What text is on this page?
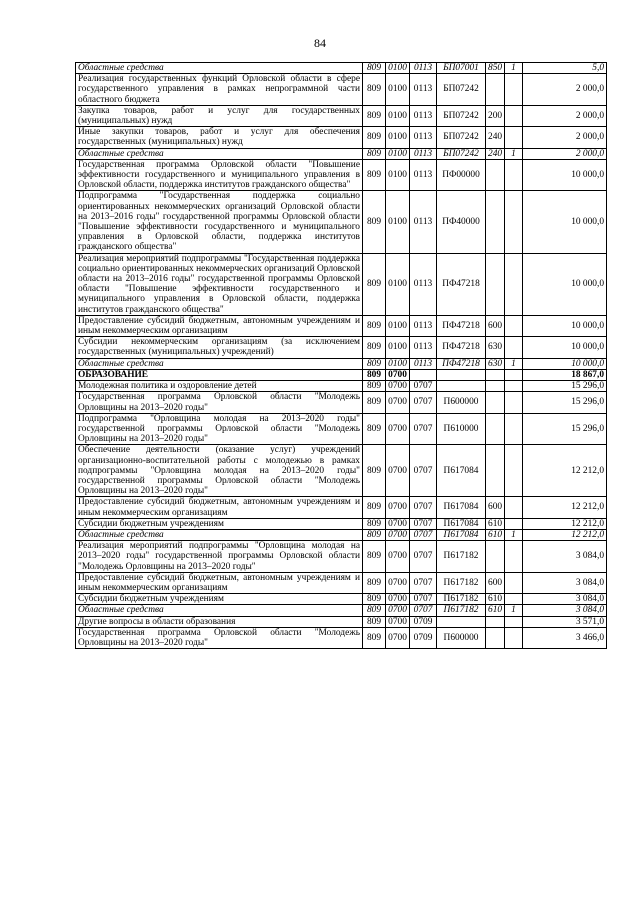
84
Областные средства	809	0100	0113	БП07001	850	1	5,0
Реализация государственных функций Орловской области в сфере государственного управления в рамках непрограммной части областного бюджета	809	0100	0113	БП07242			2 000,0
Закупка товаров, работ и услуг для государственных (муниципальных) нужд	809	0100	0113	БП07242	200		2 000,0
Иные закупки товаров, работ и услуг для обеспечения государственных (муниципальных) нужд	809	0100	0113	БП07242	240		2 000,0
Областные средства	809	0100	0113	БП07242	240	1	2 000,0
Государственная программа Орловской области "Повышение эффективности государственного и муниципального управления в Орловской области, поддержка институтов гражданского общества"	809	0100	0113	ПФ00000			10 000,0
Подпрограмма "Государственная поддержка социально ориентированных некоммерческих организаций Орловской области на 2013–2016 годы" государственной программы Орловской области "Повышение эффективности государственного и муниципального управления в Орловской области, поддержка институтов гражданского общества"	809	0100	0113	ПФ40000			10 000,0
Реализация мероприятий подпрограммы "Государственная поддержка социально ориентированных некоммерческих организаций Орловской области на 2013–2016 годы" государственной программы Орловской области "Повышение эффективности государственного и муниципального управления в Орловской области, поддержка институтов гражданского общества"	809	0100	0113	ПФ47218			10 000,0
Предоставление субсидий бюджетным, автономным учреждениям и иным некоммерческим организациям	809	0100	0113	ПФ47218	600		10 000,0
Субсидии некоммерческим организациям (за исключением государственных (муниципальных) учреждений)	809	0100	0113	ПФ47218	630		10 000,0
Областные средства	809	0100	0113	ПФ47218	630	1	10 000,0
ОБРАЗОВАНИЕ	809	0700					18 867,0
Молодежная политика и оздоровление детей	809	0700	0707				15 296,0
Государственная программа Орловской области "Молодежь Орловщины на 2013–2020 годы"	809	0700	0707	П600000			15 296,0
Подпрограмма "Орловщина молодая на 2013–2020 годы" государственной программы Орловской области "Молодежь Орловщины на 2013–2020 годы"	809	0700	0707	П610000			15 296,0
Обеспечение деятельности (оказание услуг) учреждений организационно-воспитательной работы с молодежью в рамках подпрограммы "Орловщина молодая на 2013–2020 годы" государственной программы Орловской области "Молодежь Орловщины на 2013–2020 годы"	809	0700	0707	П617084			12 212,0
Предоставление субсидий бюджетным, автономным учреждениям и иным некоммерческим организациям	809	0700	0707	П617084	600		12 212,0
Субсидии бюджетным учреждениям	809	0700	0707	П617084	610		12 212,0
Областные средства	809	0700	0707	П617084	610	1	12 212,0
Реализация мероприятий подпрограммы "Орловщина молодая на 2013–2020 годы" государственной программы Орловской области "Молодежь Орловщины на 2013–2020 годы"	809	0700	0707	П617182			3 084,0
Предоставление субсидий бюджетным, автономным учреждениям и иным некоммерческим организациям	809	0700	0707	П617182	600		3 084,0
Субсидии бюджетным учреждениям	809	0700	0707	П617182	610		3 084,0
Областные средства	809	0700	0707	П617182	610	1	3 084,0
Другие вопросы в области образования	809	0700	0709				3 571,0
Государственная программа Орловской области "Молодежь Орловщины на 2013–2020 годы"	809	0700	0709	П600000			3 466,0
